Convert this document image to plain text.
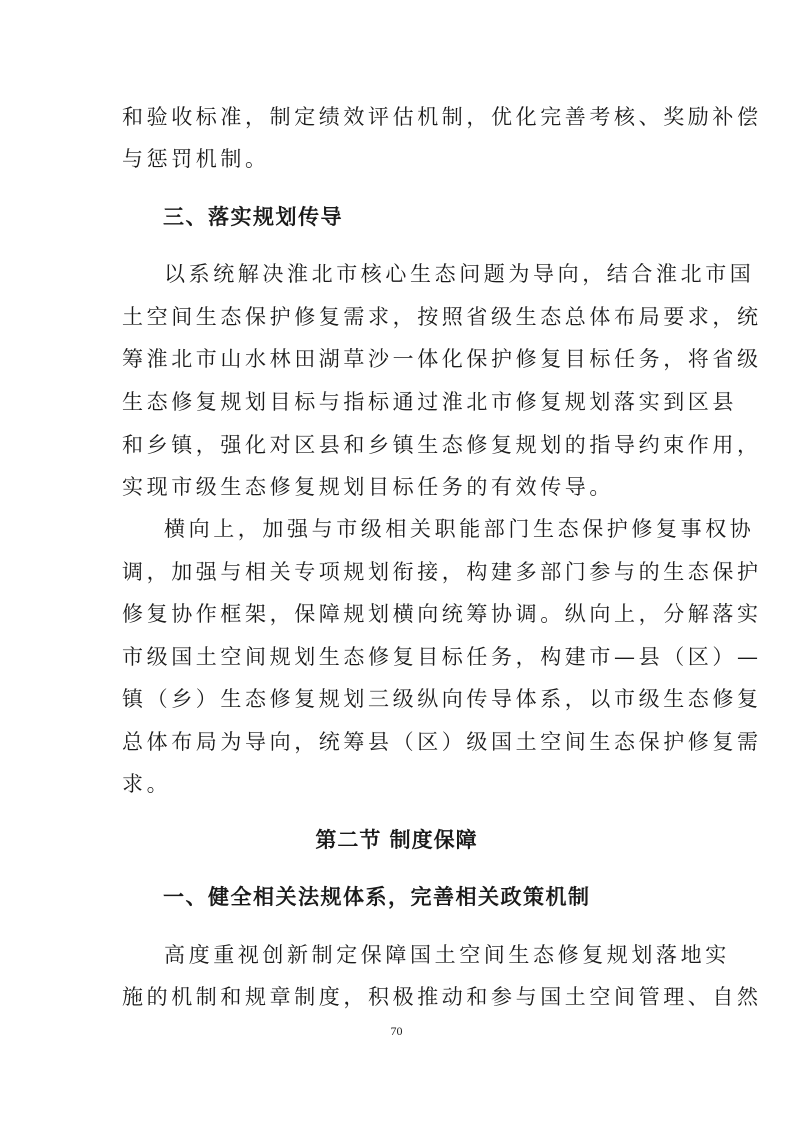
和验收标准，制定绩效评估机制，优化完善考核、奖励补偿

与惩罚机制。

三、落实规划传导

以系统解决淮北市核心生态问题为导向，结合淮北市国

土空间生态保护修复需求，按照省级生态总体布局要求，统

筹淮北市山水林田湖草沙一体化保护修复目标任务，将省级

生态修复规划目标与指标通过淮北市修复规划落实到区县

和乡镇，强化对区县和乡镇生态修复规划的指导约束作用，

实现市级生态修复规划目标任务的有效传导。

横向上，加强与市级相关职能部门生态保护修复事权协

调，加强与相关专项规划衔接，构建多部门参与的生态保护

修复协作框架，保障规划横向统筹协调。纵向上，分解落实

市级国土空间规划生态修复目标任务，构建市—县（区）—

镇（乡）生态修复规划三级纵向传导体系，以市级生态修复

总体布局为导向，统筹县（区）级国土空间生态保护修复需

求。

第二节 制度保障

一、健全相关法规体系，完善相关政策机制

高度重视创新制定保障国土空间生态修复规划落地实

施的机制和规章制度，积极推动和参与国土空间管理、自然

70
